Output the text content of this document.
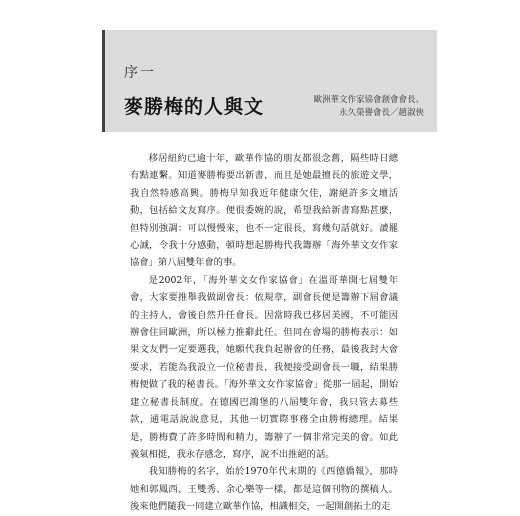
序一
麥勝梅的人與文	歐洲華文作家協會創會會長、
永久榮譽會長／趙淑俠

移居紐約已逾十年，歐華作協的朋友都很念舊，隔些時日總有點連繫。知道麥勝梅要出新書，而且是她最擅長的旅遊文學，我自然特感高興。勝梅早知我近年健康欠佳，謝絕許多文壇活動，包括給文友寫序。便很委婉的說，希望我給新書寫點甚麼，但特別強調：可以慢慢來，也不一定很長，寫幾句話就好。讀罷心誠，令我十分感動，頓時想起勝梅代我籌辦「海外華文女作家協會」第八屆雙年會的事。

是2002年，「海外華文女作家協會」在溫哥華開七屆雙年會，大家要推舉我做副會長：依規章，副會長便是籌辦下屆會議的主持人，會後自然升任會長。因當時我已移居美國，不可能因辦會住回歐洲，所以極力推辭此任。但同在會場的勝梅表示：如果文友們一定要選我，她願代我負起辦會的任務，最後我封大會要求，若能為我設立一位秘書長，我便接受副會長一職，結果勝梅便做了我的秘書長。「海外華文女作家協會」從那一屆起，開始建立秘書長制度。在德國巴鴻堡的八屆雙年會，我只管去募些款，通電話說說意見，其他一切實際事務全由勝梅總理。結果是，勝梅費了許多時間和精力，籌辦了一個非常完美的會。如此義氣相挺，我永存感念，寫序，說不出推絕的話。

我知勝梅的名字，始於1970年代末期的《西德僑報》，那時她和郭鳳西、王雙秀、余心樂等一樣，都是這個刊物的撰稿人。後來他們隨我一同建立歐華作協，相識相交，一起開創拓土的走
